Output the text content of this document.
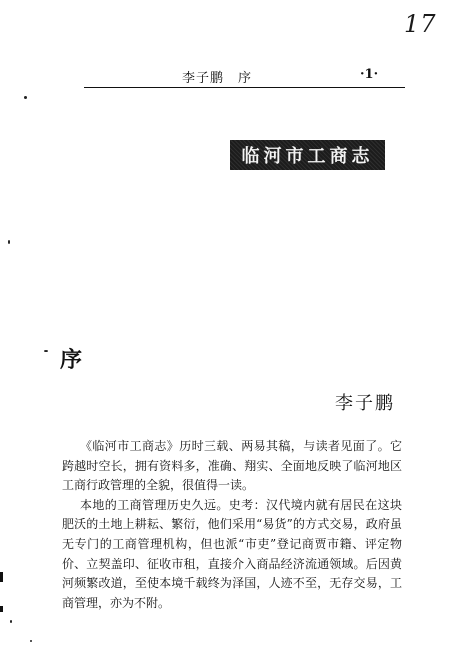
17
李子鹏　序	·1·
临河市工商志
序
李子鹏

《临河市工商志》历时三载、两易其稿，与读者见面了。它跨越时空长，拥有资料多，准确、翔实、全面地反映了临河地区工商行政管理的全貌，很值得一读。

本地的工商管理历史久远。史考：汉代境内就有居民在这块肥沃的土地上耕耘、繁衍，他们采用“易货”的方式交易，政府虽无专门的工商管理机构，但也派“市吏”登记商贾市籍、评定物价、立契盖印、征收市租，直接介入商品经济流通领域。后因黄河频繁改道，至使本境千载终为泽国，人迹不至，无存交易，工商管理，亦为不附。
